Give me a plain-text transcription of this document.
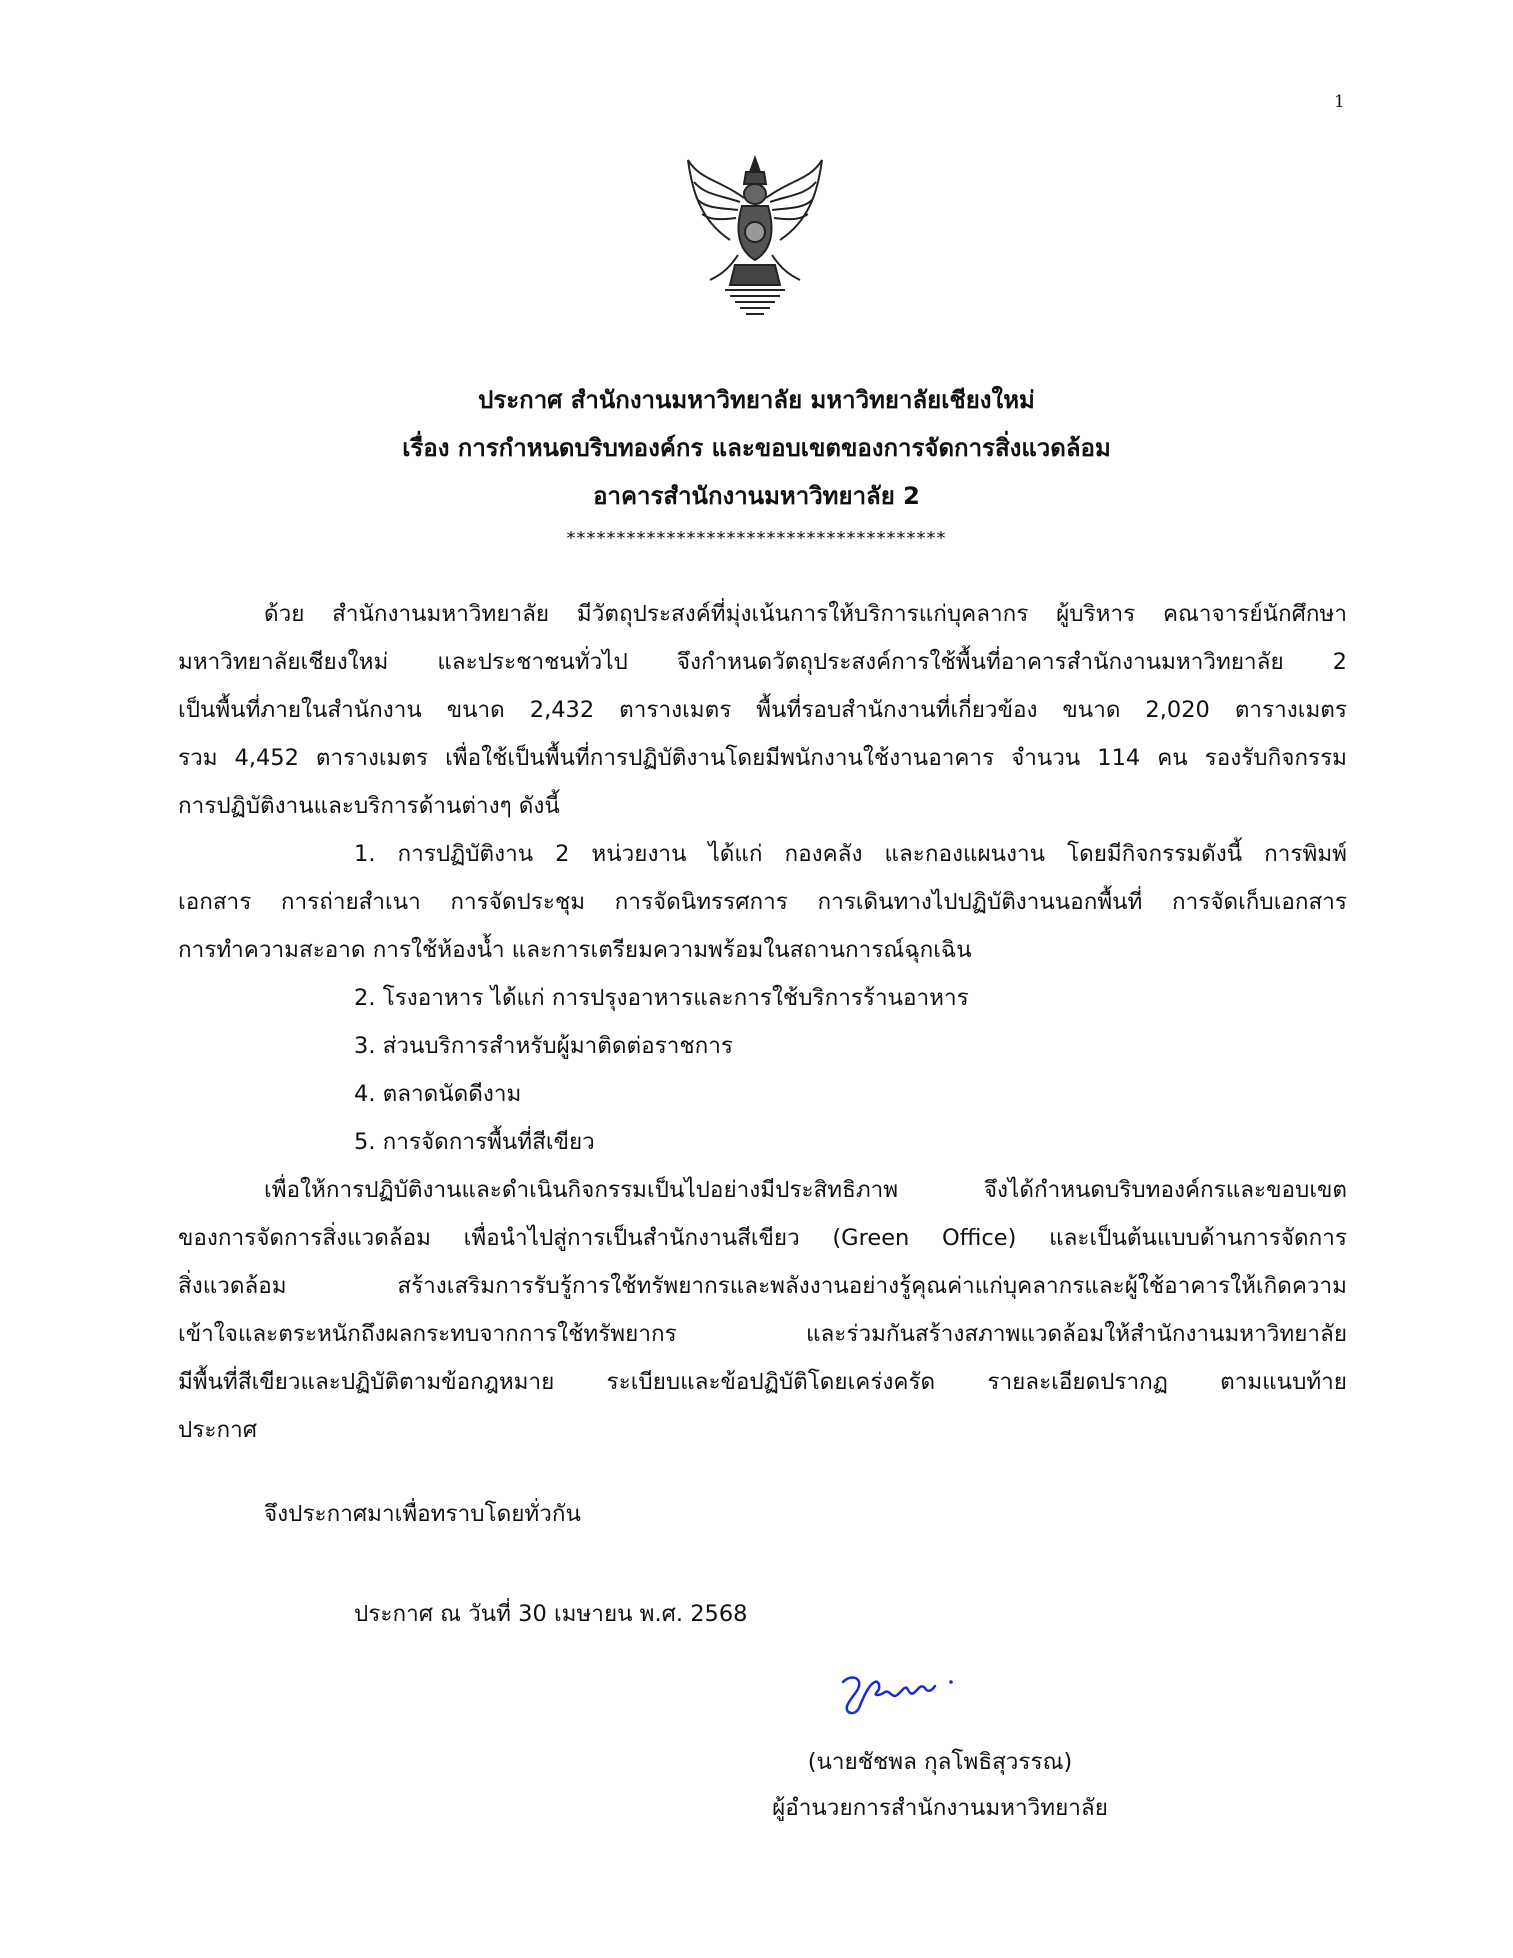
1
ประกาศ สำนักงานมหาวิทยาลัย มหาวิทยาลัยเชียงใหม่
เรื่อง การกำหนดบริบทองค์กร และขอบเขตของการจัดการสิ่งแวดล้อม
อาคารสำนักงานมหาวิทยาลัย 2
**************************************
ด้วย สำนักงานมหาวิทยาลัย มีวัตถุประสงค์ที่มุ่งเน้นการให้บริการแก่บุคลากร ผู้บริหาร คณาจารย์นักศึกษา
มหาวิทยาลัยเชียงใหม่ และประชาชนทั่วไป จึงกำหนดวัตถุประสงค์การใช้พื้นที่อาคารสำนักงานมหาวิทยาลัย 2
เป็นพื้นที่ภายในสำนักงาน ขนาด 2,432 ตารางเมตร พื้นที่รอบสำนักงานที่เกี่ยวข้อง ขนาด 2,020 ตารางเมตร
รวม 4,452 ตารางเมตร เพื่อใช้เป็นพื้นที่การปฏิบัติงานโดยมีพนักงานใช้งานอาคาร จำนวน 114 คน รองรับกิจกรรม
การปฏิบัติงานและบริการด้านต่างๆ ดังนี้
1. การปฏิบัติงาน 2 หน่วยงาน ได้แก่ กองคลัง และกองแผนงาน โดยมีกิจกรรมดังนี้ การพิมพ์
เอกสาร การถ่ายสำเนา การจัดประชุม การจัดนิทรรศการ การเดินทางไปปฏิบัติงานนอกพื้นที่ การจัดเก็บเอกสาร
การทำความสะอาด การใช้ห้องน้ำ และการเตรียมความพร้อมในสถานการณ์ฉุกเฉิน
2. โรงอาหาร ได้แก่ การปรุงอาหารและการใช้บริการร้านอาหาร
3. ส่วนบริการสำหรับผู้มาติดต่อราชการ
4. ตลาดนัดดีงาม
5. การจัดการพื้นที่สีเขียว
เพื่อให้การปฏิบัติงานและดำเนินกิจกรรมเป็นไปอย่างมีประสิทธิภาพ จึงได้กำหนดบริบทองค์กรและขอบเขต
ของการจัดการสิ่งแวดล้อม เพื่อนำไปสู่การเป็นสำนักงานสีเขียว (Green Office) และเป็นต้นแบบด้านการจัดการ
สิ่งแวดล้อม สร้างเสริมการรับรู้การใช้ทรัพยากรและพลังงานอย่างรู้คุณค่าแก่บุคลากรและผู้ใช้อาคารให้เกิดความ
เข้าใจและตระหนักถึงผลกระทบจากการใช้ทรัพยากร และร่วมกันสร้างสภาพแวดล้อมให้สำนักงานมหาวิทยาลัย
มีพื้นที่สีเขียวและปฏิบัติตามข้อกฎหมาย ระเบียบและข้อปฏิบัติโดยเคร่งครัด รายละเอียดปรากฏ ตามแนบท้าย
ประกาศ
จึงประกาศมาเพื่อทราบโดยทั่วกัน
ประกาศ ณ วันที่ 30 เมษายน พ.ศ. 2568
(นายชัชพล กุลโพธิสุวรรณ)
ผู้อำนวยการสำนักงานมหาวิทยาลัย
